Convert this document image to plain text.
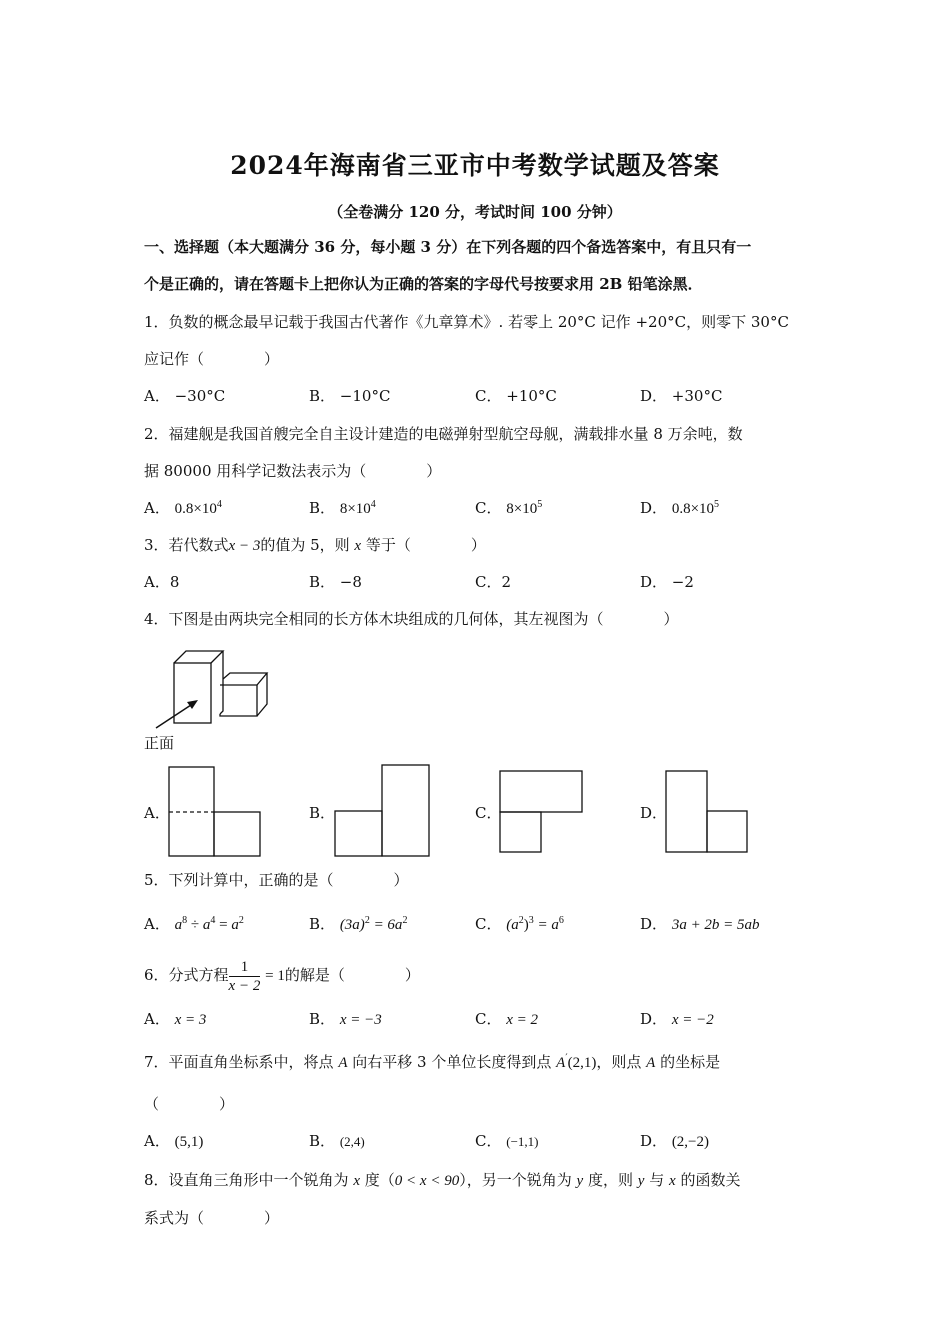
2024年海南省三亚市中考数学试题及答案
（全卷满分 120 分，考试时间 100 分钟）
一、选择题（本大题满分 36 分，每小题 3 分）在下列各题的四个备选答案中，有且只有一
个是正确的，请在答题卡上把你认为正确的答案的字母代号按要求用 2B 铅笔涂黑．
1．负数的概念最早记载于我国古代著作《九章算术》. 若零上 20°C 记作 +20°C，则零下 30°C
应记作（　　　　）
A． −30°C	B． −10°C	C． +10°C	D． +30°C
2．福建舰是我国首艘完全自主设计建造的电磁弹射型航空母舰，满载排水量 8 万余吨，数
据 80000 用科学记数法表示为（　　　　）
A． $0.8\times 10^4$	B． $8\times 10^4$	C． $8\times 10^5$	D． $0.8\times 10^5$
3．若代数式x − 3的值为 5，则 x 等于（　　　　）
A．8	B． −8	C．2	D． −2
4．下图是由两块完全相同的长方体木块组成的几何体，其左视图为（　　　　）
正面
A．	B．	C．	D．
5．下列计算中，正确的是（　　　　）
A． $a^8 \div a^4 = a^2$	B． $(3a)^2 = 6a^2$	C． $(a^2)^3 = a^6$	D． 3a + 2b = 5ab
6．分式方程 $\frac{1}{x - 2} = 1$的解是（　　　　）
A． x = 3	B． x = −3	C． x = 2	D． x = −2
7．平面直角坐标系中，将点 A 向右平移 3 个单位长度得到点 A′(2,1)，则点 A 的坐标是
（　　　　）
A． (5,1)	B． (2,4)	C． (−1,1)	D． (2,−2)
8．设直角三角形中一个锐角为 x 度（0 < x < 90），另一个锐角为 y 度，则 y 与 x 的函数关
系式为（　　　　）
